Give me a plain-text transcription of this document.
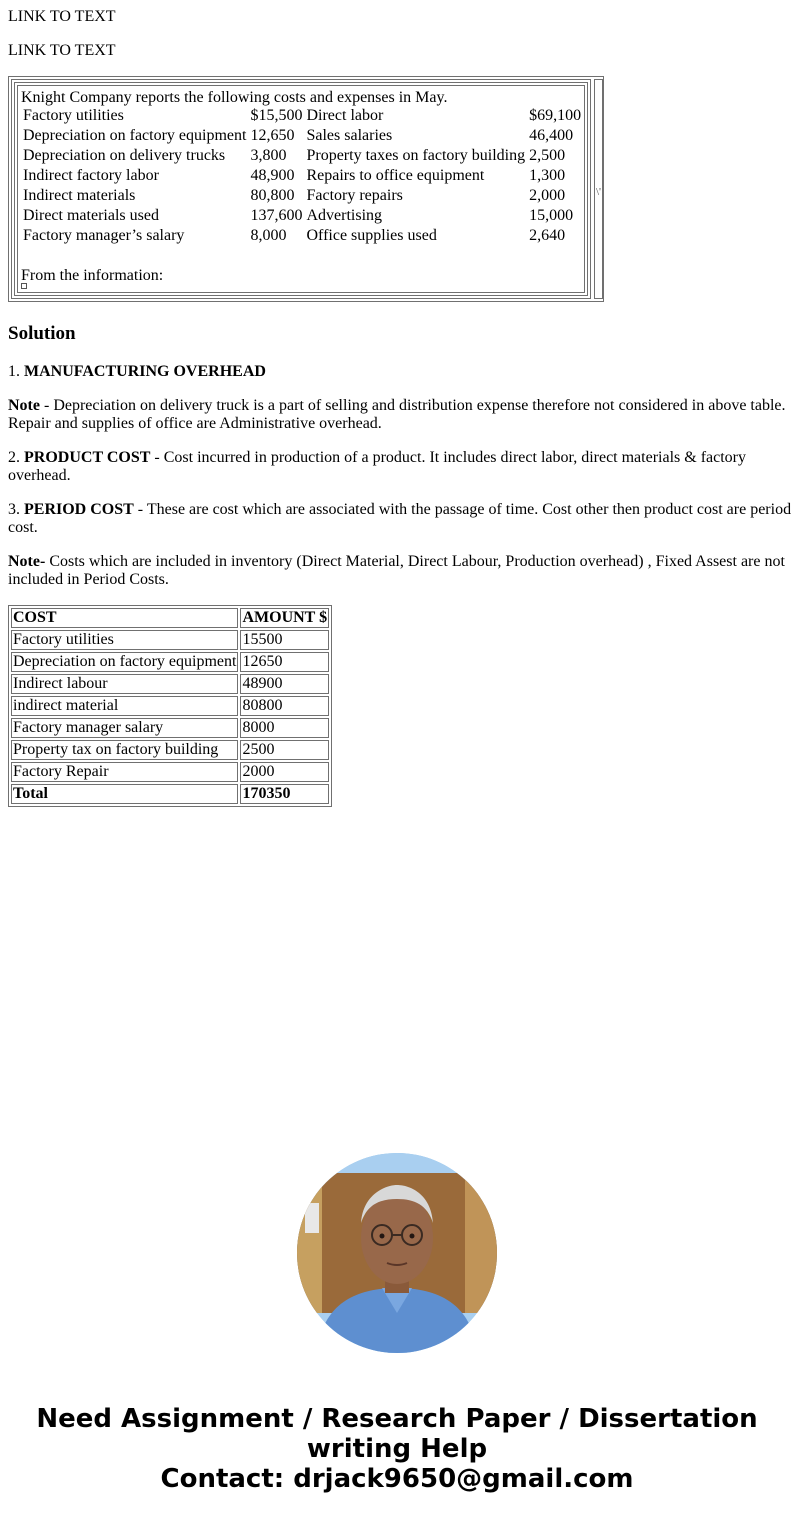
LINK TO TEXT

LINK TO TEXT

\'
Knight Company reports the following costs and expenses in May.
Factory utilities	$15,500	Direct labor	$69,100
Depreciation on factory equipment	12,650	Sales salaries	46,400
Depreciation on delivery trucks	3,800	Property taxes on factory building	2,500
Indirect factory labor	48,900	Repairs to office equipment	1,300
Indirect materials	80,800	Factory repairs	2,000
Direct materials used	137,600	Advertising	15,000
Factory manager’s salary	8,000	Office supplies used	2,640
From the information:
Solution

1. MANUFACTURING OVERHEAD

Note - Depreciation on delivery truck is a part of selling and distribution expense therefore not considered in above table. Repair and supplies of office are Administrative overhead.

2. PRODUCT COST - Cost incurred in production of a product. It includes direct labor, direct materials & factory overhead.

3. PERIOD COST - These are cost which are associated with the passage of time. Cost other then product cost are period cost.

Note- Costs which are included in inventory (Direct Material, Direct Labour, Production overhead) , Fixed Assest are not included in Period Costs.

COST	AMOUNT $
Factory utilities	15500
Depreciation on factory equipment	12650
Indirect labour	48900
indirect material	80800
Factory manager salary	8000
Property tax on factory building	2500
Factory Repair	2000
Total	170350
Need Assignment / Research Paper / Dissertation
writing Help
Contact: drjack9650@gmail.com
